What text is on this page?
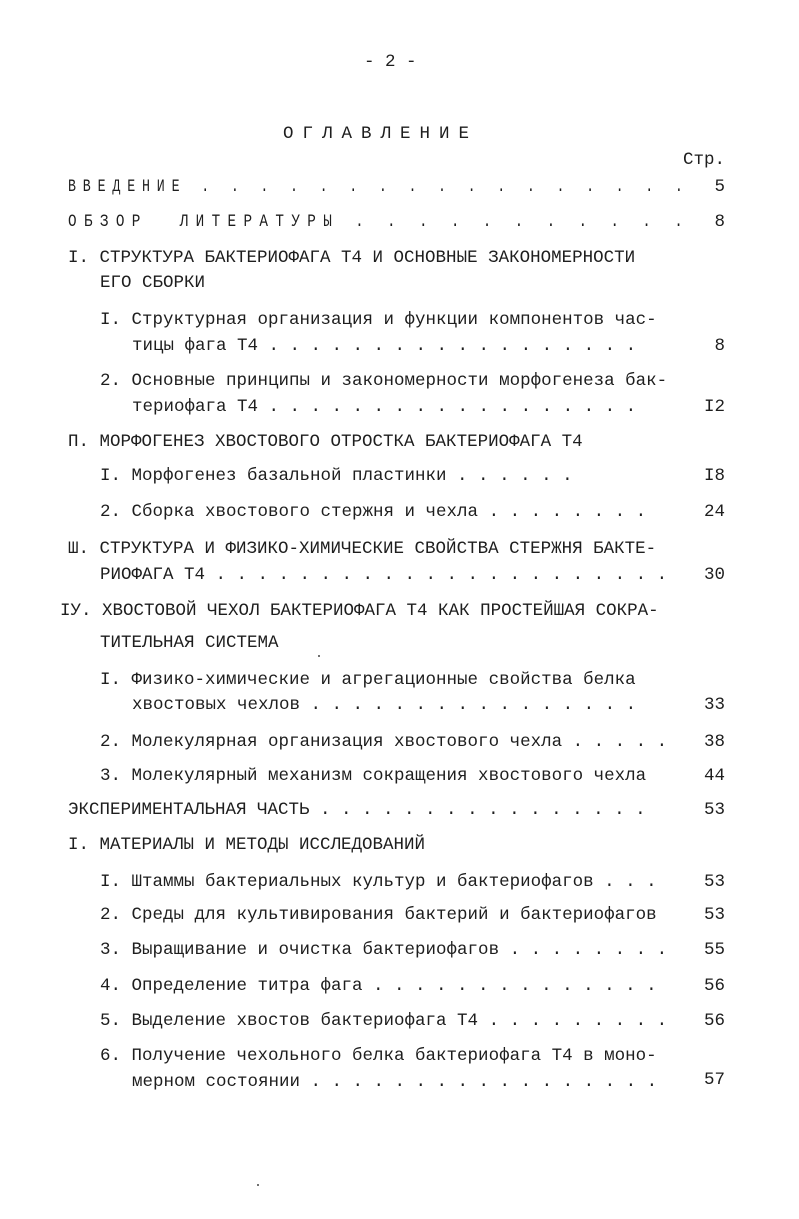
- 2 -
ОГЛАВЛЕНИЕ
Стр.
ВВЕДЕНИЕ . . . . . . . . . . . . . . . . . 5
ОБЗОР  ЛИТЕРАТУРЫ . . . . . . . . . . . 8
I. СТРУКТУРА БАКТЕРИОФАГА Т4 И ОСНОВНЫЕ ЗАКОНОМЕРНОСТИ
ЕГО СБОРКИ
I. Структурная организация и функции компонентов час-
тицы фага Т4 . . . . . . . . . . . . . . . . . .	8
2. Основные принципы и закономерности морфогенеза бак-
териофага Т4 . . . . . . . . . . . . . . . . . .	I2
П. МОРФОГЕНЕЗ ХВОСТОВОГО ОТРОСТКА БАКТЕРИОФАГА Т4
I. Морфогенез базальной пластинки . . . . . .	I8
2. Сборка хвостового стержня и чехла . . . . . . . .	24
Ш. СТРУКТУРА И ФИЗИКО-ХИМИЧЕСКИЕ СВОЙСТВА СТЕРЖНЯ БАКТЕ-
РИОФАГА Т4 . . . . . . . . . . . . . . . . . . . . . . 30
IУ. ХВОСТОВОЙ ЧЕХОЛ БАКТЕРИОФАГА Т4 КАК ПРОСТЕЙШАЯ СОКРА-
ТИТЕЛЬНАЯ СИСТЕМА
I. Физико-химические и агрегационные свойства белка
хвостовых чехлов . . . . . . . . . . . . . . . .	33
2. Молекулярная организация хвостового чехла . . . . . 38
3. Молекулярный механизм сокращения хвостового чехла	44
ЭКСПЕРИМЕНТАЛЬНАЯ ЧАСТЬ . . . . . . . . . . . . . . . .	53
I. МАТЕРИАЛЫ И МЕТОДЫ ИССЛЕДОВАНИЙ
I. Штаммы бактериальных культур и бактериофагов . . .	53
2. Среды для культивирования бактерий и бактериофагов	53
3. Выращивание и очистка бактериофагов . . . . . . . . 55
4. Определение титра фага . . . . . . . . . . . . . .	56
5. Выделение хвостов бактериофага Т4 . . . . . . . . . 56
6. Получение чехольного белка бактериофага Т4 в моно-
мерном состоянии . . . . . . . . . . . . . . . . .	57
